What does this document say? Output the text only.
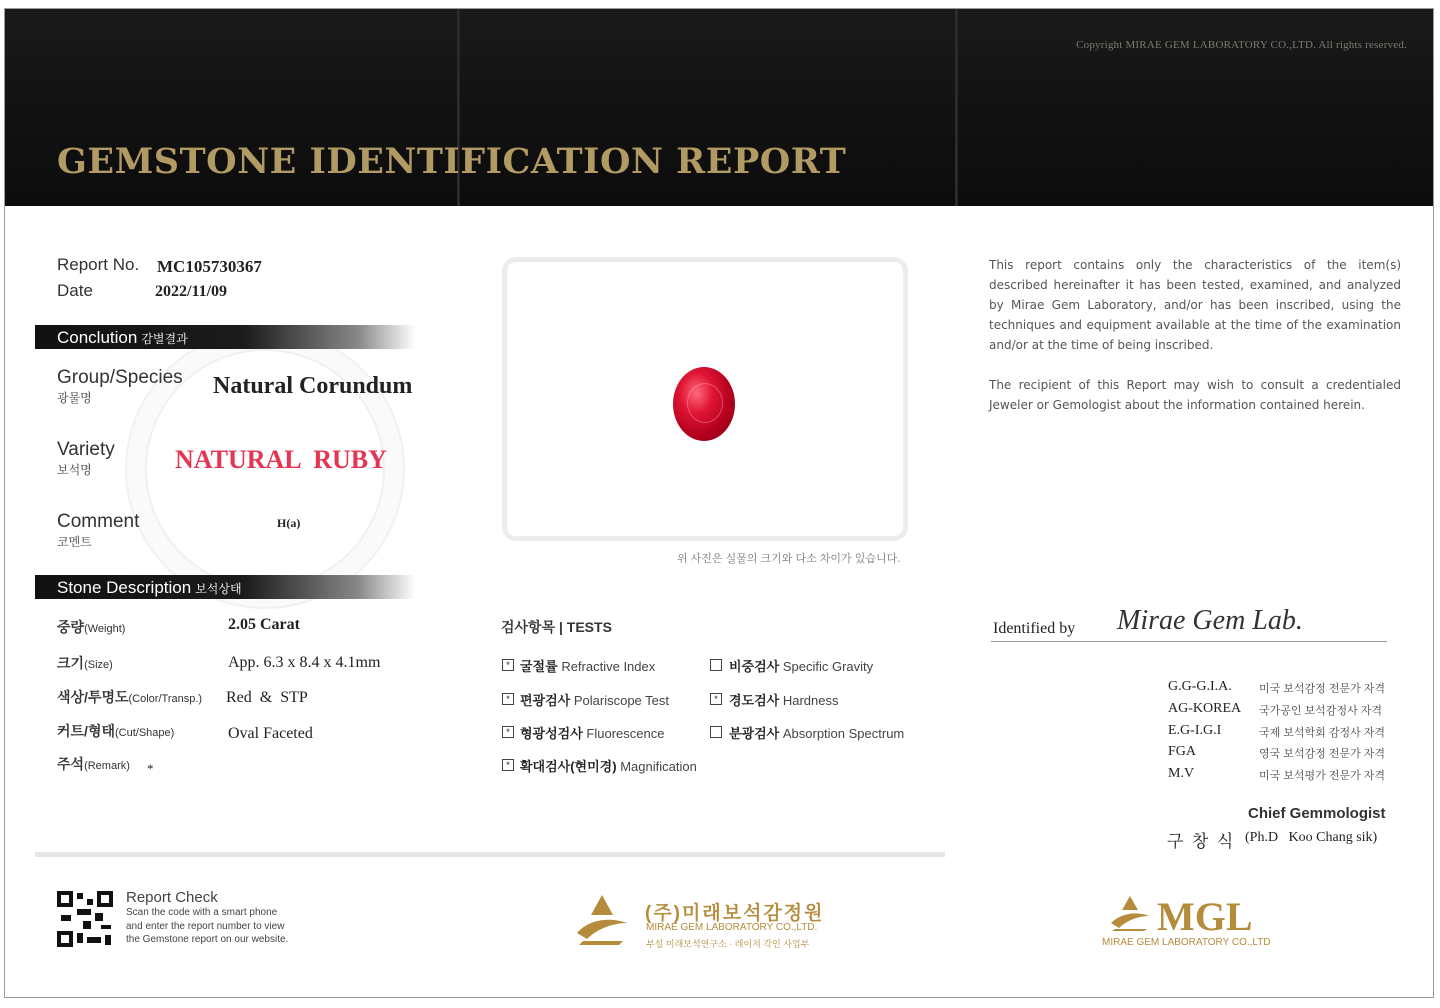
Copyright MIRAE GEM LABORATORY CO.,LTD. All rights reserved.
GEMSTONE IDENTIFICATION REPORT
Report No. MC105730367
Date	2022/11/09
Conclution 감별결과
Group/Species
광물명	Natural Corundum
Variety
보석명	NATURAL  RUBY
Comment
코멘트
H(a)
위 사진은 실물의 크기와 다소 차이가 있습니다.
Stone Description 보석상태
중량(Weight)	2.05 Carat
크기(Size)	App. 6.3 x 8.4 x 4.1mm
색상/투명도(Color/Transp.) Red  &  STP
커트/형태(Cut/Shape)	Oval Faceted
주석(Remark) *
검사항목 | TESTS
* 굴절률 Refractive Index	비중검사 Specific Gravity
* 편광검사 Polariscope Test	* 경도검사 Hardness
* 형광성검사 Fluorescence	분광검사 Absorption Spectrum
* 확대검사(현미경) Magnification
This report contains only the characteristics of the item(s) described hereinafter it has been tested, examined, and analyzed by Mirae Gem Laboratory, and/or has been inscribed, using the techniques and equipment available at the time of the examination and/or at the time of being inscribed.
The recipient of this Report may wish to consult a credentialed Jeweler or Gemologist about the information contained herein.
Identified by Mirae Gem Lab.
G.G-G.I.A. 미국 보석감정 전문가 자격
AG-KOREA 국가공인 보석감정사 자격
E.G-I.G.I	국제 보석학회 감정사 자격
FGA	영국 보석감정 전문가 자격
M.V	미국 보석평가 전문가 자격
Chief Gemmologist
구  창  식 (Ph.D   Koo Chang sik)
Report Check
Scan the code with a smart phone
and enter the report number to view
the Gemstone report on our website.
(주)미래보석감정원
MIRAE GEM LABORATORY CO.,LTD.
부설 미래보석연구소 · 레이저 각인 사업부
MGL
MIRAE GEM LABORATORY CO.,LTD
